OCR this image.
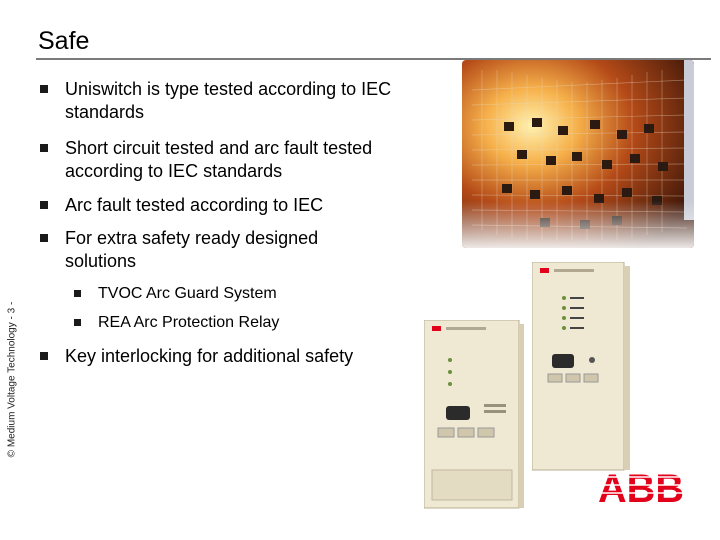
Safe
© Medium Voltage Technology - 3 -
Uniswitch is type tested according to IEC standards
Short circuit tested and arc fault tested according to IEC standards
Arc fault tested according to IEC
For extra safety ready designed solutions
TVOC Arc Guard System
REA Arc Protection Relay
Key interlocking for additional safety
ABB
